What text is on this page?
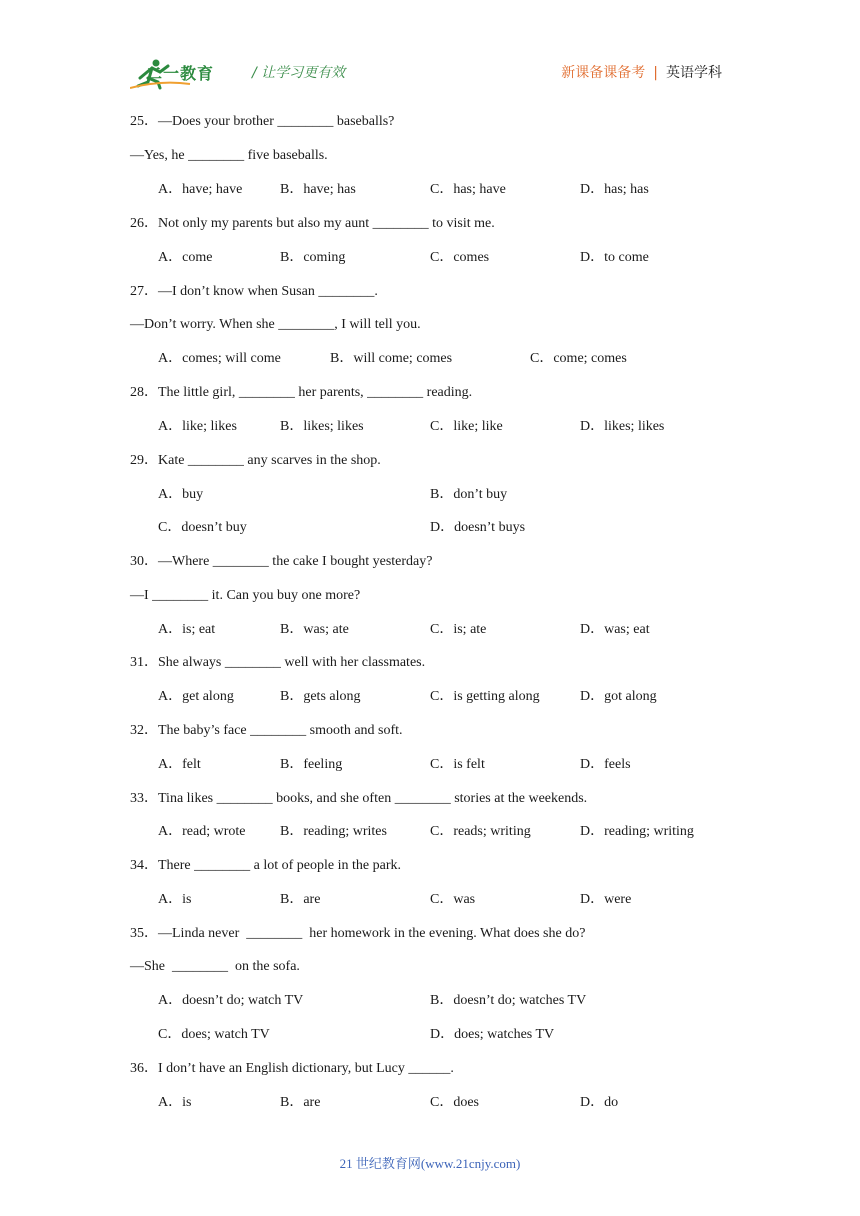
二一教育	/ 让学习更有效	新课备课备考 | 英语学科
25．—Does your brother ________ baseballs?
—Yes, he ________ five baseballs.
A．have; have	B．have; has	C．has; have	D．has; has
26．Not only my parents but also my aunt ________ to visit me.
A．come	B．coming	C．comes	D．to come
27．—I don’t know when Susan ________.
—Don’t worry. When she ________, I will tell you.
A．comes; will come	B．will come; comes	C．come; comes
28．The little girl, ________ her parents, ________ reading.
A．like; likes	B．likes; likes	C．like; like	D．likes; likes
29．Kate ________ any scarves in the shop.
A．buy	B．don’t buy
C．doesn’t buy	D．doesn’t buys
30．—Where ________ the cake I bought yesterday?
—I ________ it. Can you buy one more?
A．is; eat	B．was; ate	C．is; ate	D．was; eat
31．She always ________ well with her classmates.
A．get along	B．gets along	C．is getting along	D．got along
32．The baby’s face ________ smooth and soft.
A．felt	B．feeling	C．is felt	D．feels
33．Tina likes ________ books, and she often ________ stories at the weekends.
A．read; wrote B．reading; writes	C．reads; writing	D．reading; writing
34．There ________ a lot of people in the park.
A．is	B．are	C．was	D．were
35．—Linda never  ________  her homework in the evening. What does she do?
—She  ________  on the sofa.
A．doesn’t do; watch TV	B．doesn’t do; watches TV
C．does; watch TV	D．does; watches TV
36．I don’t have an English dictionary, but Lucy ______.
A．is	B．are	C．does	D．do
21 世纪教育网(www.21cnjy.com)
